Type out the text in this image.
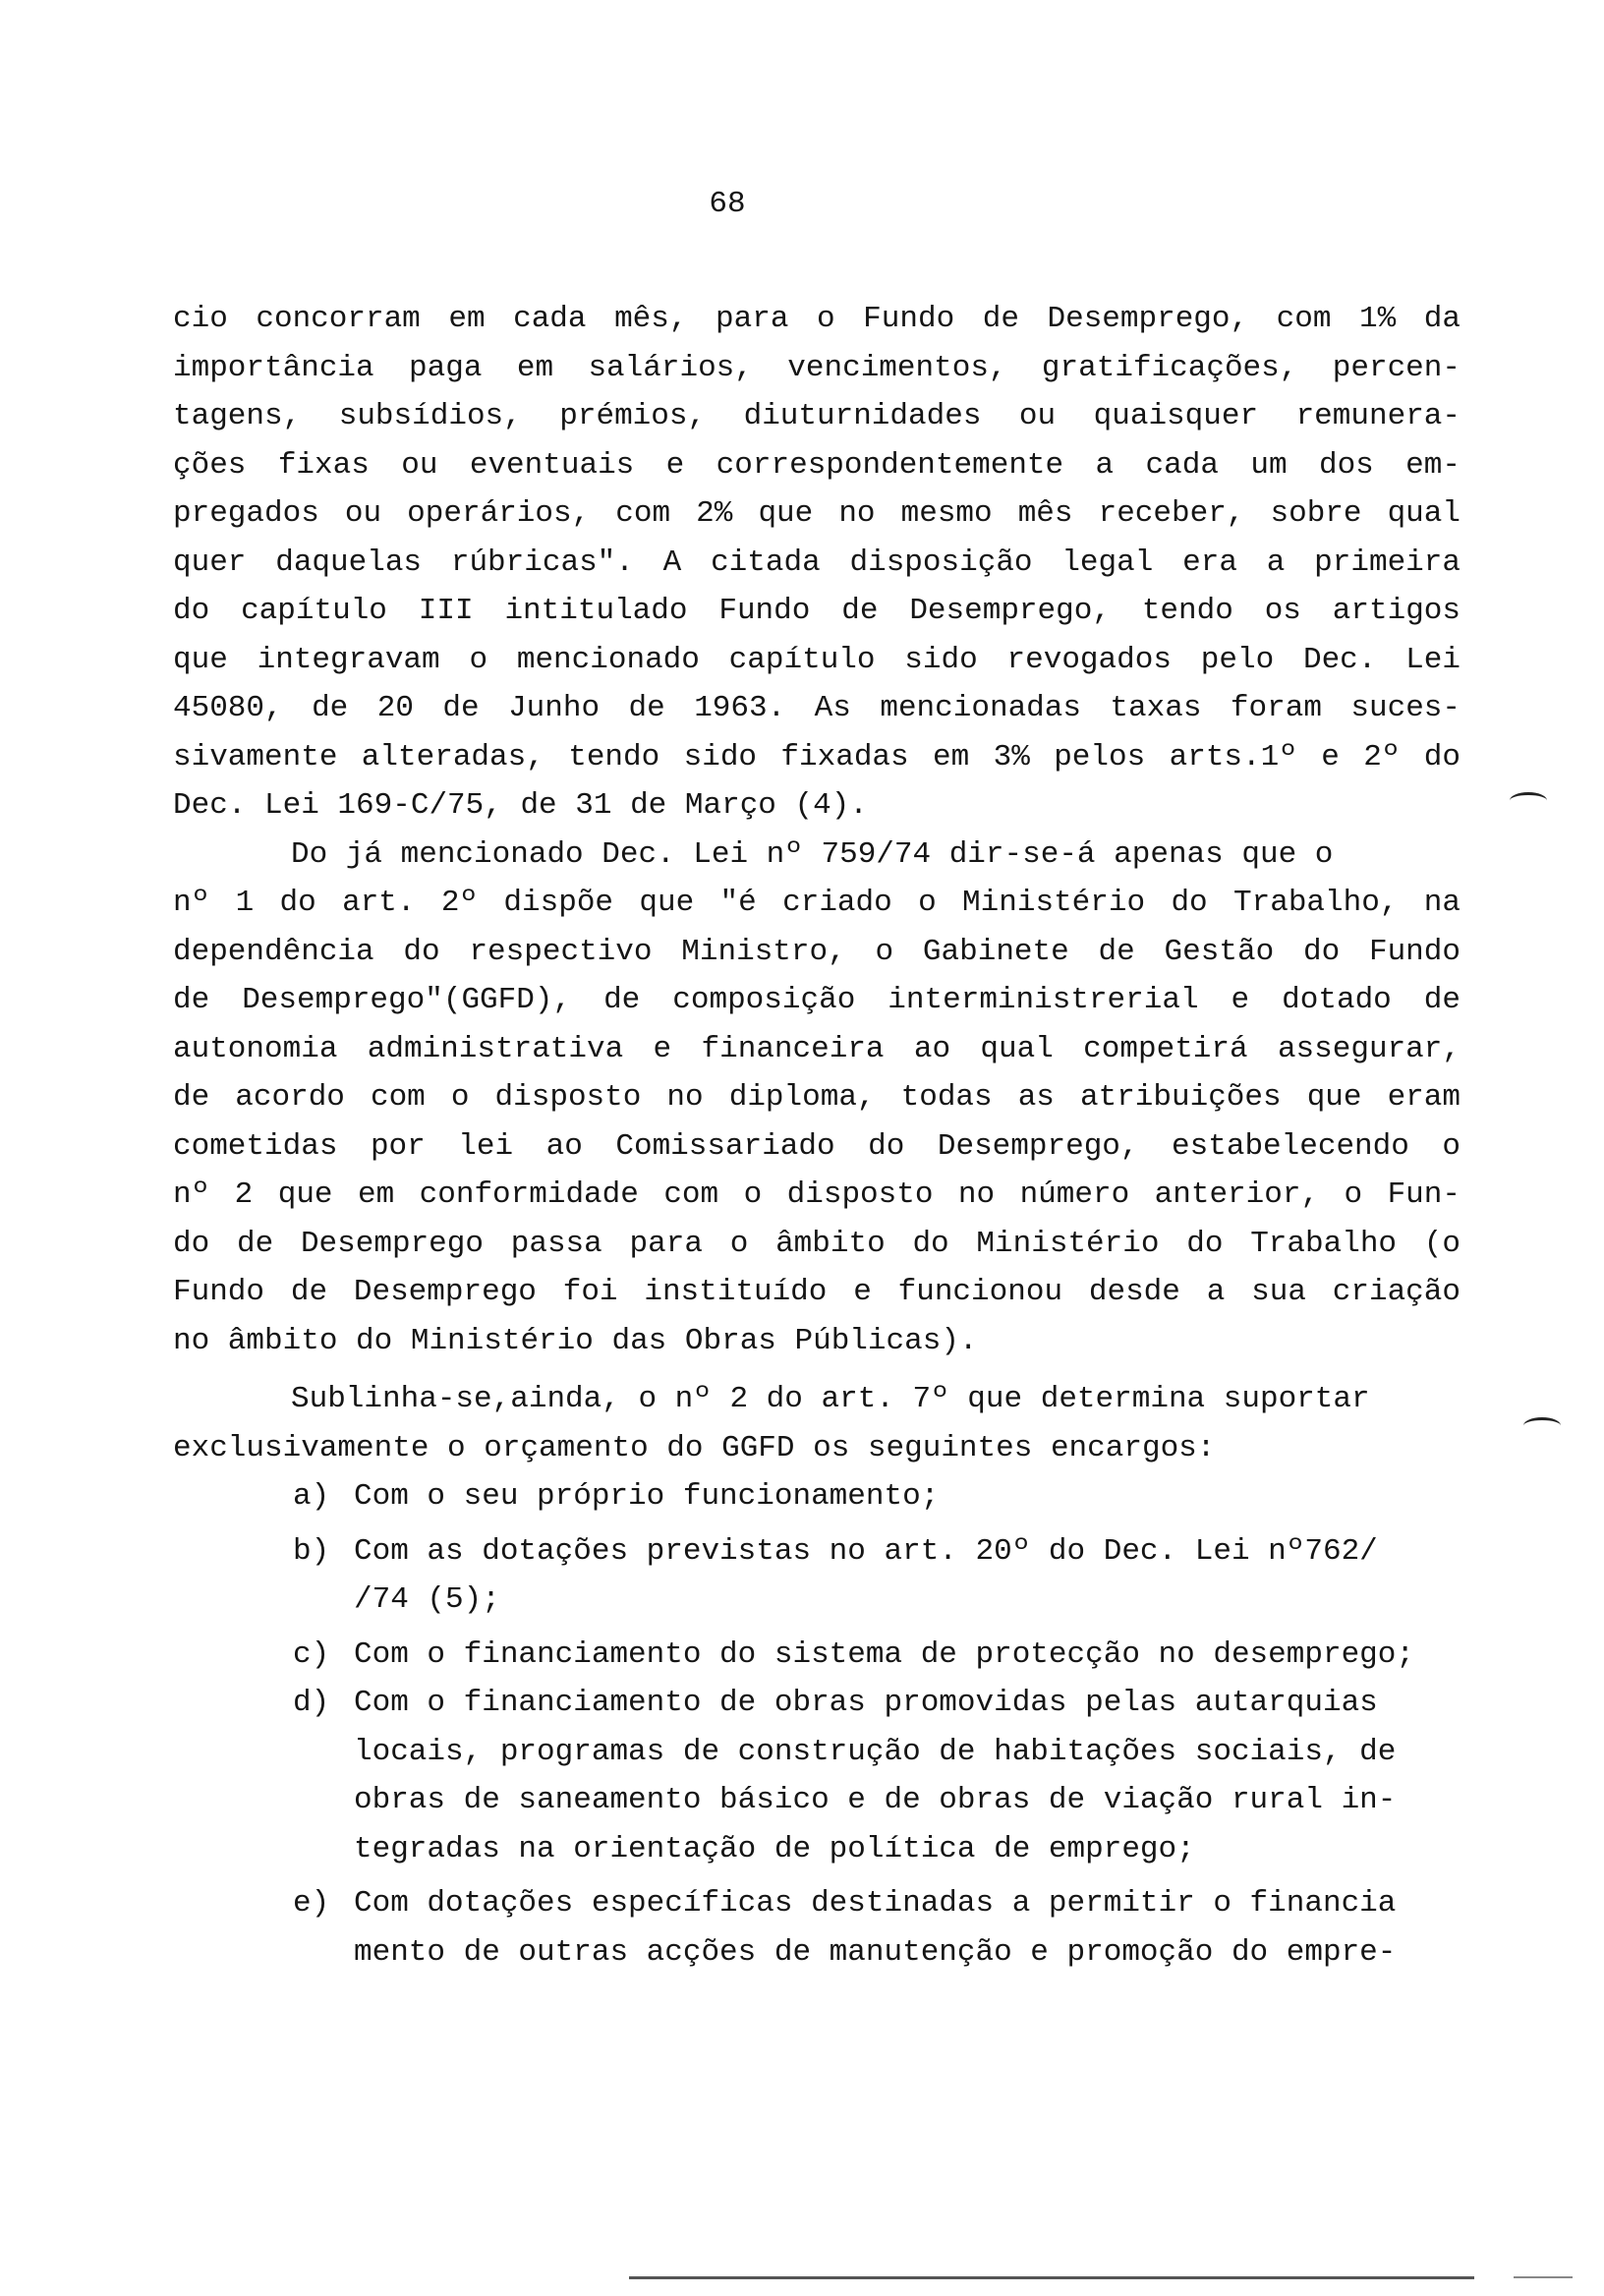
68
cio concorram em cada mês, para o Fundo de Desemprego, com 1% da
importância paga em salários, vencimentos, gratificações, percen-
tagens, subsídios, prémios, diuturnidades ou quaisquer remunera-
ções fixas ou eventuais e correspondentemente a cada um dos em-
pregados ou operários, com 2% que no mesmo mês receber, sobre qual
quer daquelas rúbricas". A citada disposição legal era a primeira
do capítulo III intitulado Fundo de Desemprego, tendo os artigos
que integravam o mencionado capítulo sido revogados pelo Dec. Lei
45080, de 20 de Junho de 1963. As mencionadas taxas foram suces-
sivamente alteradas, tendo sido fixadas em 3% pelos arts.1º e 2º do
Dec. Lei 169-C/75, de 31 de Março (4).
Do já mencionado Dec. Lei nº 759/74 dir-se-á apenas que o
nº 1 do art. 2º dispõe que "é criado o Ministério do Trabalho, na
dependência do respectivo Ministro, o Gabinete de Gestão do Fundo
de Desemprego"(GGFD), de composição interministrerial e dotado de
autonomia administrativa e financeira ao qual competirá assegurar,
de acordo com o disposto no diploma, todas as atribuições que eram
cometidas por lei ao Comissariado do Desemprego, estabelecendo o
nº 2 que em conformidade com o disposto no número anterior, o Fun-
do de Desemprego passa para o âmbito do Ministério do Trabalho (o
Fundo de Desemprego foi instituído e funcionou desde a sua criação
no âmbito do Ministério das Obras Públicas).
Sublinha-se,ainda, o nº 2 do art. 7º que determina suportar
exclusivamente o orçamento do GGFD os seguintes encargos:
a) Com o seu próprio funcionamento;
b) Com as dotações previstas no art. 20º do Dec. Lei nº762/
/74 (5);
c) Com o financiamento do sistema de protecção no desemprego;
d) Com o financiamento de obras promovidas pelas autarquias
locais, programas de construção de habitações sociais, de
obras de saneamento básico e de obras de viação rural in-
tegradas na orientação de política de emprego;
e) Com dotações específicas destinadas a permitir o financia
mento de outras acções de manutenção e promoção do empre-
